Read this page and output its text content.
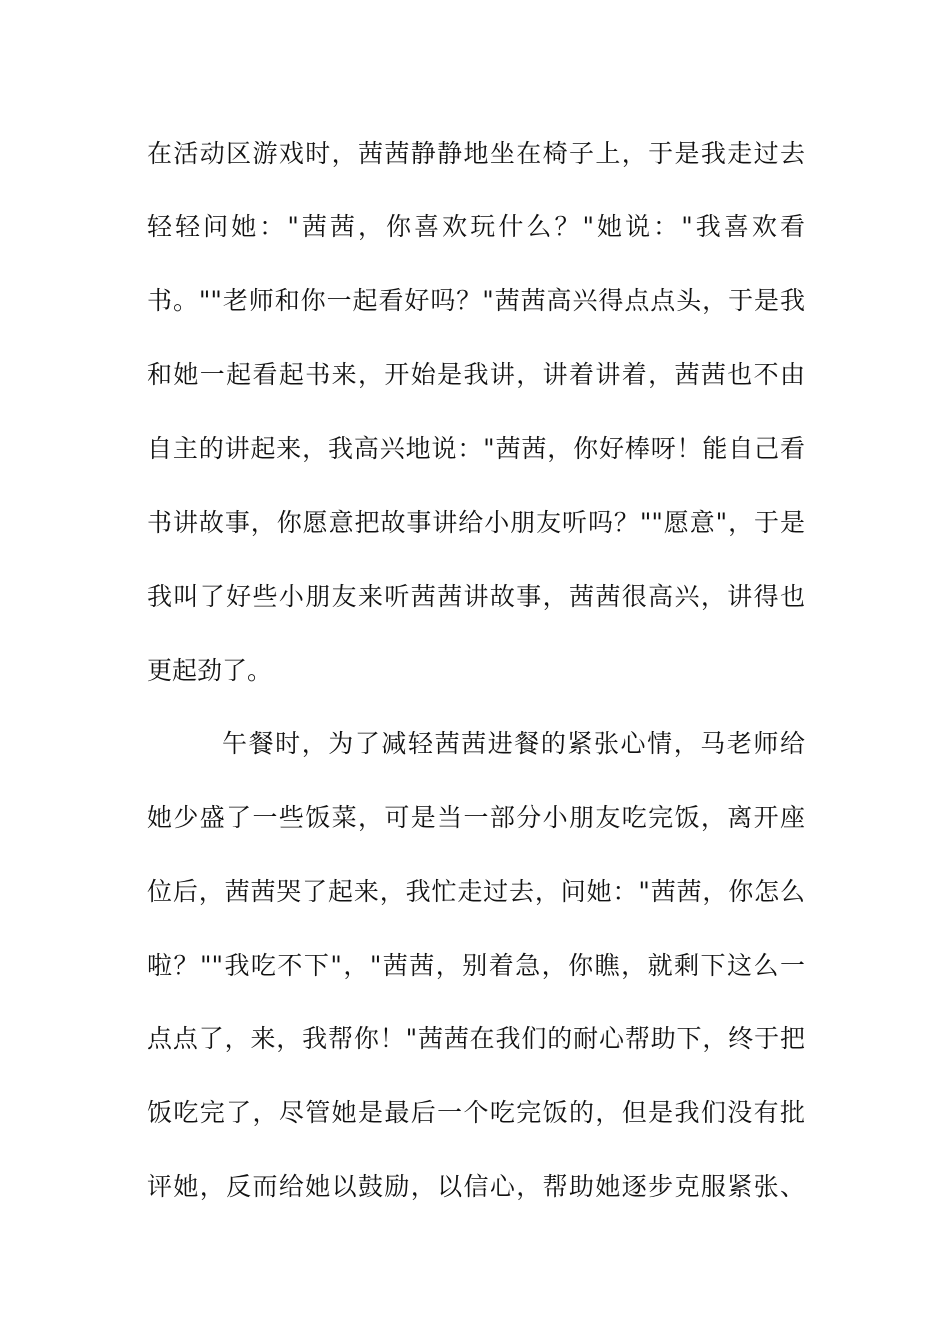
在活动区游戏时，茜茜静静地坐在椅子上，于是我走过去
轻轻问她："茜茜，你喜欢玩什么？"她说："我喜欢看
书。""老师和你一起看好吗？"茜茜高兴得点点头，于是我
和她一起看起书来，开始是我讲，讲着讲着，茜茜也不由
自主的讲起来，我高兴地说："茜茜，你好棒呀！能自己看
书讲故事，你愿意把故事讲给小朋友听吗？""愿意"，于是
我叫了好些小朋友来听茜茜讲故事，茜茜很高兴，讲得也
更起劲了。
午餐时，为了减轻茜茜进餐的紧张心情，马老师给
她少盛了一些饭菜，可是当一部分小朋友吃完饭，离开座
位后，茜茜哭了起来，我忙走过去，问她："茜茜，你怎么
啦？""我吃不下"，"茜茜，别着急，你瞧，就剩下这么一
点点了，来，我帮你！"茜茜在我们的耐心帮助下，终于把
饭吃完了，尽管她是最后一个吃完饭的，但是我们没有批
评她，反而给她以鼓励，以信心，帮助她逐步克服紧张、
